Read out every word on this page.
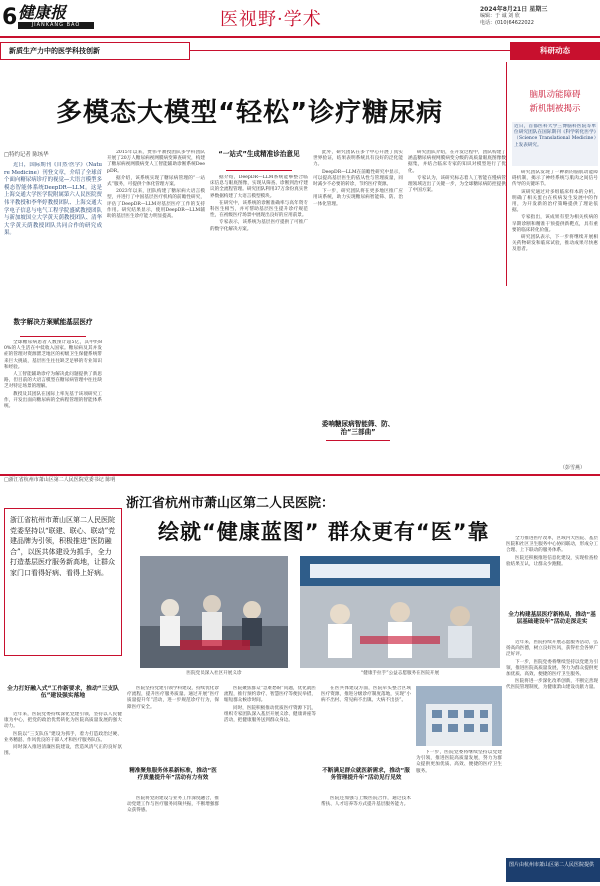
6 健康报
JIANKANG BAO	医视野·学术	2024年8月21日 星期三
编辑：于 诚 刘 欣
电话：(010)64622022
新质生产力中的医学科技创新	科研动态
多模态大模型“轻松”诊疗糖尿病
脑肌动能障碍
新机制被揭示
□特约记者 陈垓华

近日，国际期刊《自然·医学》（Nature Medicine）刊登文章，介绍了全球首个面向糖尿病诊疗的视觉—大语言模型多模态智能体系统DeepDR—LLM。这是上海交通大学医学院附属第六人民医院贾伟平教授和李华婷教授团队、上海交通大学电子信息与电气工程学院盛斌教授团队与新加坡国立大学黄天荫教授团队、清华大学黄天荫教授团队共同合作的研究成果。

数字解决方案赋能基层医疗

全球糖尿病患者人数预计超5亿，其中约80%的人生活在中低收入国家。糖尿病及其并发症的管理对资源匮乏地区的初级卫生保健系统带来巨大挑战，基层医生往往缺乏足够的专业知识和经验。

人工智能辅助诊疗为解决此问题提供了新思路，但目前的大语言模型在糖尿病管理中往往缺乏对特定场景的理解。

教授及其团队在国际上率先基于该项研究工作，开发出面向糖尿病的全病程管理的智能体系统。

2015年以来，贾伟平教授团队多学科团队开展了20万人糖尿病视网膜病变筛查研究，构建了糖尿病视网膜病变人工智能辅助诊断系统DeepDR。

据介绍，该系统实现了糖尿病管理的“一站式”服务，可提供个体化管理方案。

2023年以来，团队构建了糖尿病大语言模型，并进行了中国基层医疗机构的前瞻性研究，评估了DeepDR—LLM对基层医疗工作的支持作用。研究结果显示，使用DeepDR—LLM辅助的基层医生诊疗能力明显提高。

“一站式”生成精准诊治意见

据介绍，DeepDR—LLM系统能够整合临床信息与眼底图像，实现从筛查、诊断到治疗建议的全流程管理。研究团队利用37万余份真实世界数据构建了大语言模型模块。

在研究中，该系统的诊断准确率与高年资专科医生相当，并可帮助基层医生提升诊疗规范性，在初级医疗场景中展现出良好的应用前景。

专家表示，该系统为基层医疗提供了可推广的数字化解决方案。

此外，研究团队在多个中心开展了真实世界验证，结果表明系统具有良好的泛化能力。

DeepDR—LLM在前瞻性研究中显示，可以提高基层医生的依从性与管理质量，同时减少不必要的转诊，节约医疗资源。

下一步，研究团队将在更多地区推广应用该系统，助力实现糖尿病智能筛、防、治一体化管理。

委响糖尿病智能筛、防、治“三部曲”

研究团队介绍，在开发过程中，团队构建了涵盖糖尿病视网膜病变分级的高质量眼底图像数据集，并结合临床专家的知识对模型进行了优化。

专家认为，该研究标志着人工智能在慢病管理领域迈出了关键一步，为全球糖尿病防控提供了中国方案。

近日，首都医科大学三博脑科医院等单位研究团队在国际期刊《科学转化医学》（Science Translational Medicine）上发表研究。

研究团队发现了一种新的脑肌动能障碍机制，揭示了神经系统与肌肉之间信号传导的关键环节。

该研究通过对多组临床样本的分析，明确了相关蛋白在疾病发生发展中的作用，为开发新的治疗策略提供了理论依据。

专家指出，该成果有望为相关疾病的早期诊断和精准干预提供新靶点，具有重要的临床转化价值。

研究团队表示，下一步将继续开展相关药物研发和临床试验，推动成果尽快惠及患者。

（彭雪燕）
□浙江省杭州市萧山区第二人民医院党委书记 陈明
浙江省杭州市萧山区第二人民医院：
绘就“健康蓝图” 群众更有“医”靠
浙江省杭州市萧山区第二人民医院党委坚持以“联建、联心、联动”党建品牌为引领，积极推进“医防融合”，以医共体建设为抓手，全力打造基层医疗服务新高地，让群众家门口看得好病、看得上好病。
医院党员深入社区开展义诊	“健康手拉手”公益志愿服务在医院开展

全力推进医疗改革，区域内大医院、基层医院和社区卫生服务中心协同联动，形成分工合理、上下联动的服务体系。

医院还积极推进信息化建设，实现检查检验结果互认，让群众少跑腿。

全力构建基层医疗新格局，推动“基层基础建设年”活动走深走实

近年来，医院持续开展志愿服务活动，弘扬高尚医德，树立良好医风，获得社会各界广泛好评。

下一步，医院党委将继续坚持以党建为引领，推进医院高质量发展，努力为群众提供更加优质、高效、便捷的医疗卫生服务。

医院将进一步深化改革创新，不断完善现代医院管理制度，为健康萧山建设贡献力量。

全力打好融入式“工作新要求，推动“三支队伍”建设强实落地

近年来，医院党委持续深化党建引领，坚持以人民健康为中心，把党的政治优势转化为医院高质量发展的强大动力。

医院以“三支队伍”建设为抓手，着力打造政治过硬、业务精湛、作风优良的干部人才和医疗服务队伍。

同时深入推进清廉医院建设，营造风清气正的良好氛围。

医院坚持党建引领学科建设，持续优化诊疗流程，提升医疗服务质量。通过开展“医疗质量提升年”活动，进一步规范诊疗行为，保障医疗安全。

精准聚焦服务体系新标准，推动“医疗质量提升年”活动有力有效

医院将党的建设与业务工作深度融合，推动党建工作与医疗服务同频共振，不断增强群众获得感。

医院聚焦群众“急难愁盼”问题，优化就医流程，推行预约诊疗、智慧医疗等便民举措，缩短群众候诊时间。

同时，医院积极推动优质医疗资源下沉，组织专家团队深入基层开展义诊、健康讲座等活动，把健康服务送到群众身边。

在医共体建设方面，医院牵头整合区域医疗资源，推进分级诊疗制度落地，实现“小病不出村、常见病不出镇、大病不出县”。

不断满足群众就医新需求，推动“服务管理提升年”活动见行见效

医院还加强与上级医院合作，通过技术帮扶、人才培养等方式提升基层服务能力。

下一步，医院党委将继续坚持以党建为引领，推进医院高质量发展，努力为群众提供更加优质、高效、便捷的医疗卫生服务。

图片由杭州市萧山区第二人民医院提供
